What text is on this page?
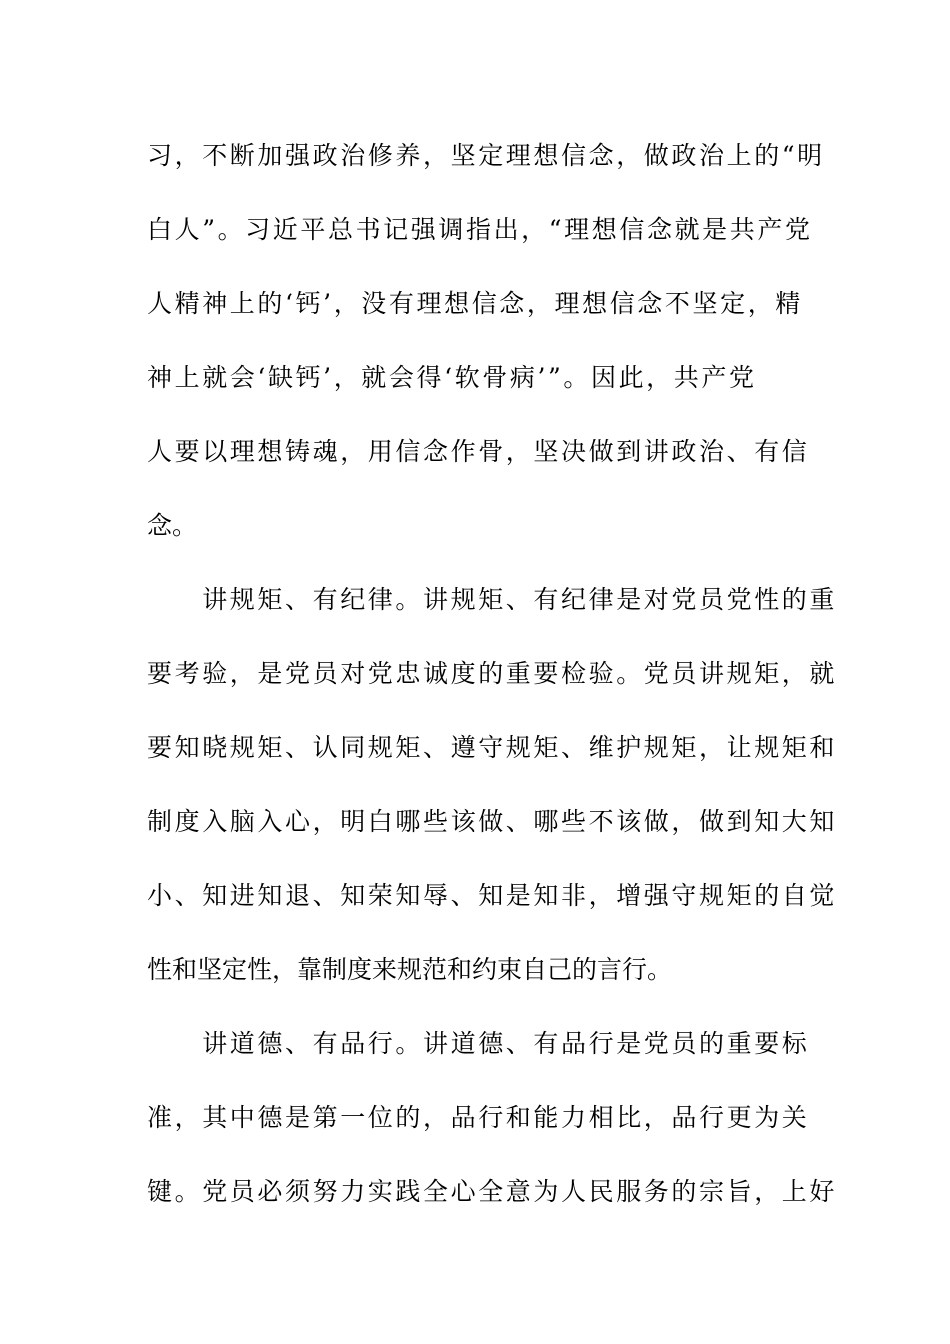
习，不断加强政治修养，坚定理想信念，做政治上的“明
白人”。习近平总书记强调指出，“理想信念就是共产党
人精神上的‘钙’，没有理想信念，理想信念不坚定，精
神上就会‘缺钙’，就会得‘软骨病’”。因此，共产党
人要以理想铸魂，用信念作骨，坚决做到讲政治、有信
念。
　　讲规矩、有纪律。讲规矩、有纪律是对党员党性的重
要考验，是党员对党忠诚度的重要检验。党员讲规矩，就
要知晓规矩、认同规矩、遵守规矩、维护规矩，让规矩和
制度入脑入心，明白哪些该做、哪些不该做，做到知大知
小、知进知退、知荣知辱、知是知非，增强守规矩的自觉
性和坚定性，靠制度来规范和约束自己的言行。
　　讲道德、有品行。讲道德、有品行是党员的重要标
准，其中德是第一位的，品行和能力相比，品行更为关
键。党员必须努力实践全心全意为人民服务的宗旨，上好
